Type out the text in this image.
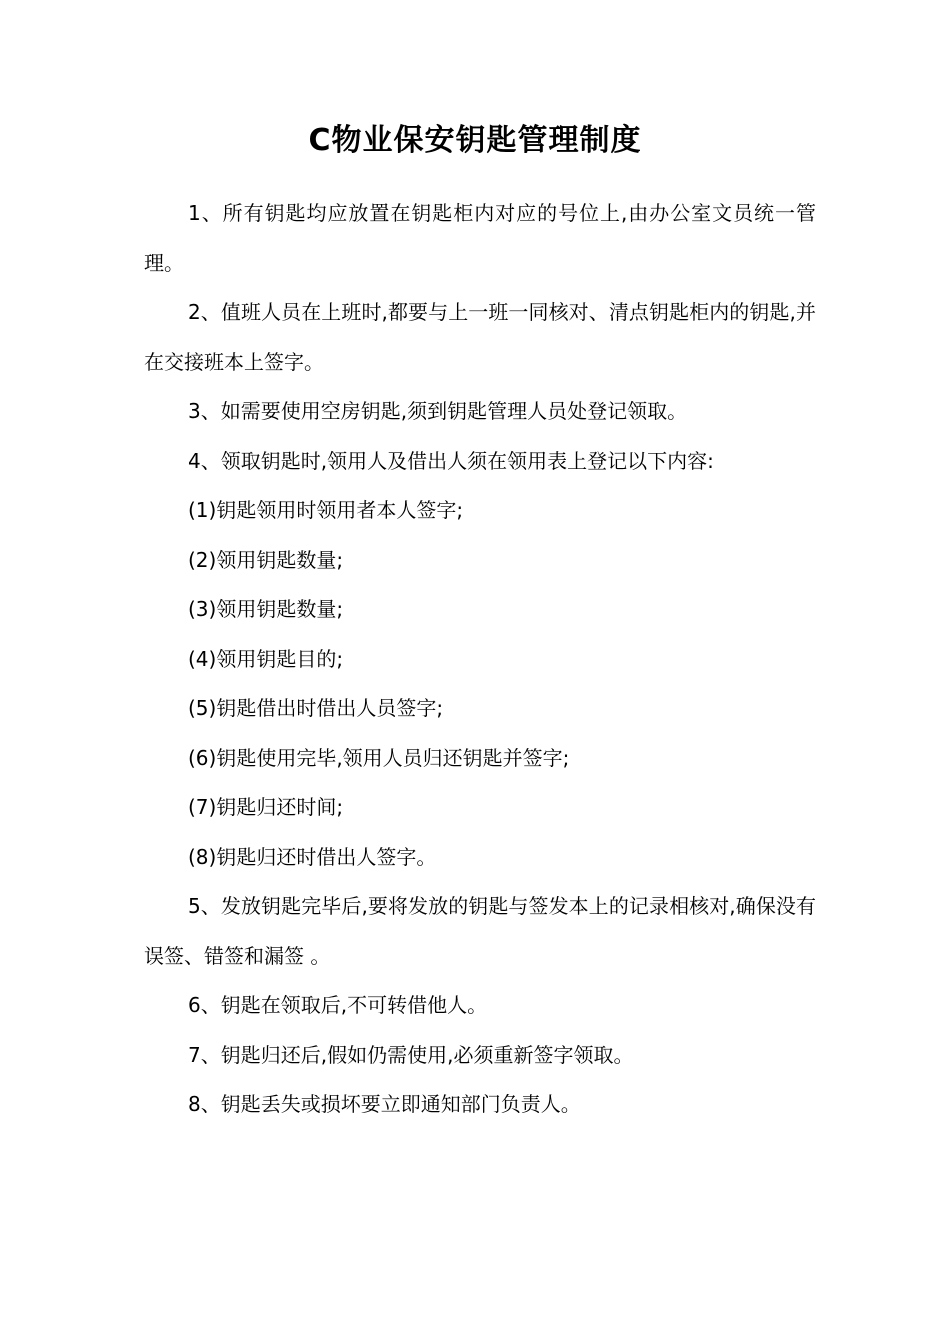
C物业保安钥匙管理制度

1、所有钥匙均应放置在钥匙柜内对应的号位上,由办公室文员统一管理。

2、值班人员在上班时,都要与上一班一同核对、清点钥匙柜内的钥匙,并在交接班本上签字。

3、如需要使用空房钥匙,须到钥匙管理人员处登记领取。

4、领取钥匙时,领用人及借出人须在领用表上登记以下内容:

(1)钥匙领用时领用者本人签字;

(2)领用钥匙数量;

(3)领用钥匙数量;

(4)领用钥匙目的;

(5)钥匙借出时借出人员签字;

(6)钥匙使用完毕,领用人员归还钥匙并签字;

(7)钥匙归还时间;

(8)钥匙归还时借出人签字。

5、发放钥匙完毕后,要将发放的钥匙与签发本上的记录相核对,确保没有误签、错签和漏签 。

6、钥匙在领取后,不可转借他人。

7、钥匙归还后,假如仍需使用,必须重新签字领取。

8、钥匙丢失或损坏要立即通知部门负责人。
